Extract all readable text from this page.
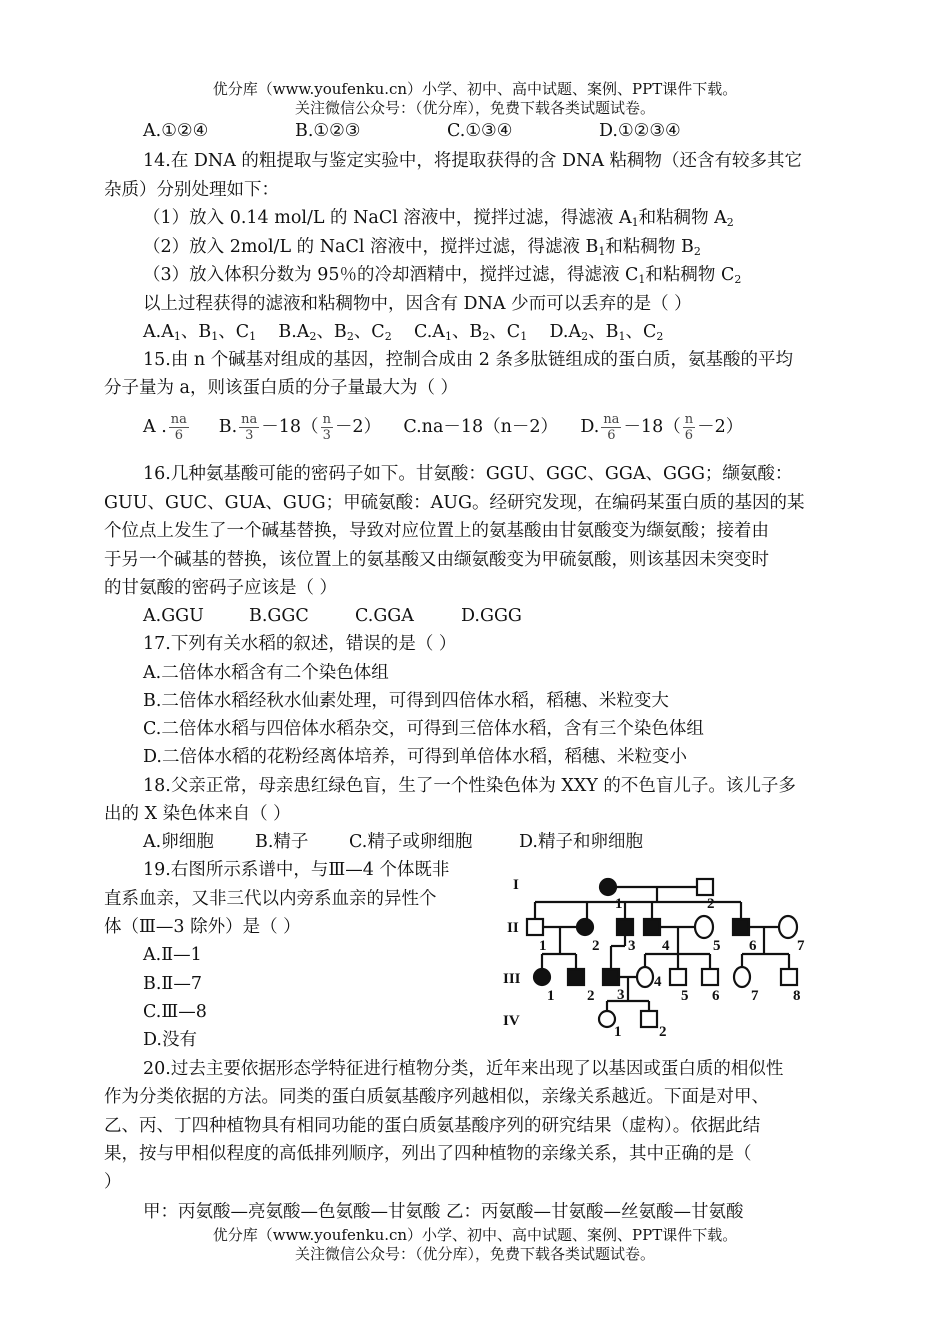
优分库（www.youfenku.cn）小学、初中、高中试题、案例、PPT课件下载。
关注微信公众号：（优分库），免费下载各类试题试卷。
A.①②④	B.①②③	C.①③④	D.①②③④
14.在 DNA 的粗提取与鉴定实验中，将提取获得的含 DNA 粘稠物（还含有较多其它
杂质）分别处理如下：
（1）放入 0.14 mol/L 的 NaCl 溶液中，搅拌过滤，得滤液 $A_1$和粘稠物 $A_2$
（2）放入 2mol/L 的 NaCl 溶液中，搅拌过滤，得滤液 $B_1$和粘稠物 $B_2$
（3）放入体积分数为 95％的冷却酒精中，搅拌过滤，得滤液 $C_1$和粘稠物 $C_2$
以上过程获得的滤液和粘稠物中，因含有 DNA 少而可以丢弃的是（ ）
$A.A_1$、$B_1$、$C_1$ $B.A_2$、$B_2$、$C_2$ $C.A_1$、$B_2$、$C_1$ $D.A_2$、$B_1$、$C_2$
15.由 n 个碱基对组成的基因，控制合成由 2 条多肽链组成的蛋白质，氨基酸的平均
分子量为 a，则该蛋白质的分子量最大为（ ）
A . $\frac{na}{6} B$. $\frac{na}{3} -18( \frac{n}{3} -2)$ C.na－18（n－2） D. $\frac{na}{6} -18( \frac{n}{6} -2)$
16.几种氨基酸可能的密码子如下。甘氨酸：GGU、GGC、GGA、GGG；缬氨酸：
GUU、GUC、GUA、GUG；甲硫氨酸：AUG。经研究发现，在编码某蛋白质的基因的某
个位点上发生了一个碱基替换，导致对应位置上的氨基酸由甘氨酸变为缬氨酸；接着由
于另一个碱基的替换，该位置上的氨基酸又由缬氨酸变为甲硫氨酸，则该基因未突变时
的甘氨酸的密码子应该是（ ）
A.GGU	B.GGC	C.GGA	D.GGG
17.下列有关水稻的叙述，错误的是（ ）
A.二倍体水稻含有二个染色体组
B.二倍体水稻经秋水仙素处理，可得到四倍体水稻，稻穗、米粒变大
C.二倍体水稻与四倍体水稻杂交，可得到三倍体水稻，含有三个染色体组
D.二倍体水稻的花粉经离体培养，可得到单倍体水稻，稻穗、米粒变小
18.父亲正常，母亲患红绿色盲，生了一个性染色体为 XXY 的不色盲儿子。该儿子多
出的 X 染色体来自（ ）
A.卵细胞 B.精子 C.精子或卵细胞	D.精子和卵细胞
19.右图所示系谱中，与Ⅲ—4 个体既非
直系血亲，又非三代以内旁系血亲的异性个
体（Ⅲ—3 除外）是（ ）
A.Ⅱ—1
B.Ⅱ—7
C.Ⅲ—8
D.没有
I
II
III
IV
1	2
1	2 3 4	5 6	7
1 2 3
4
5 6 7 8
1	2
20.过去主要依据形态学特征进行植物分类，近年来出现了以基因或蛋白质的相似性
作为分类依据的方法。同类的蛋白质氨基酸序列越相似，亲缘关系越近。下面是对甲、
乙、丙、丁四种植物具有相同功能的蛋白质氨基酸序列的研究结果（虚构）。依据此结
果，按与甲相似程度的高低排列顺序，列出了四种植物的亲缘关系，其中正确的是（
）
甲：丙氨酸—亮氨酸—色氨酸—甘氨酸 乙：丙氨酸—甘氨酸—丝氨酸—甘氨酸
优分库（www.youfenku.cn）小学、初中、高中试题、案例、PPT课件下载。
关注微信公众号：（优分库），免费下载各类试题试卷。
